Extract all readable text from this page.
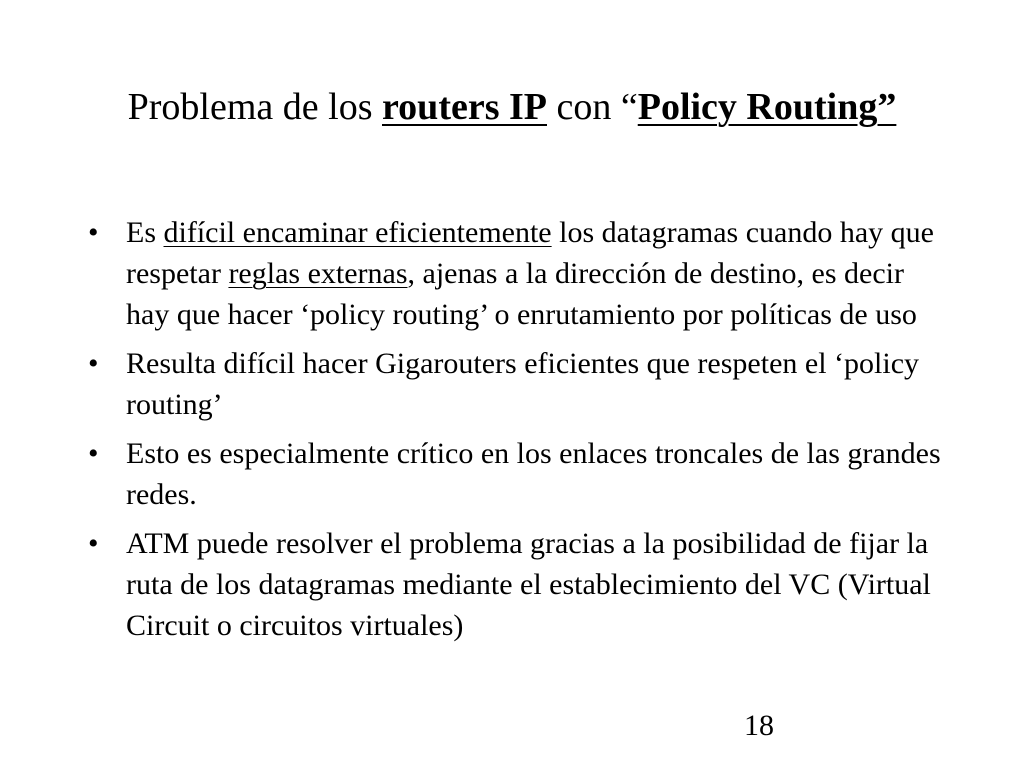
Problema de los routers IP con “Policy Routing”
• Es difícil encaminar eficientemente los datagramas cuando hay que respetar reglas externas, ajenas a la dirección de destino, es decir hay que hacer ‘policy routing’ o enrutamiento por políticas de uso
• Resulta difícil hacer Gigarouters eficientes que respeten el ‘policy routing’
• Esto es especialmente crítico en los enlaces troncales de las grandes redes.
• ATM puede resolver el problema gracias a la posibilidad de fijar la ruta de los datagramas mediante el establecimiento del VC (Virtual Circuit o circuitos virtuales)
18
